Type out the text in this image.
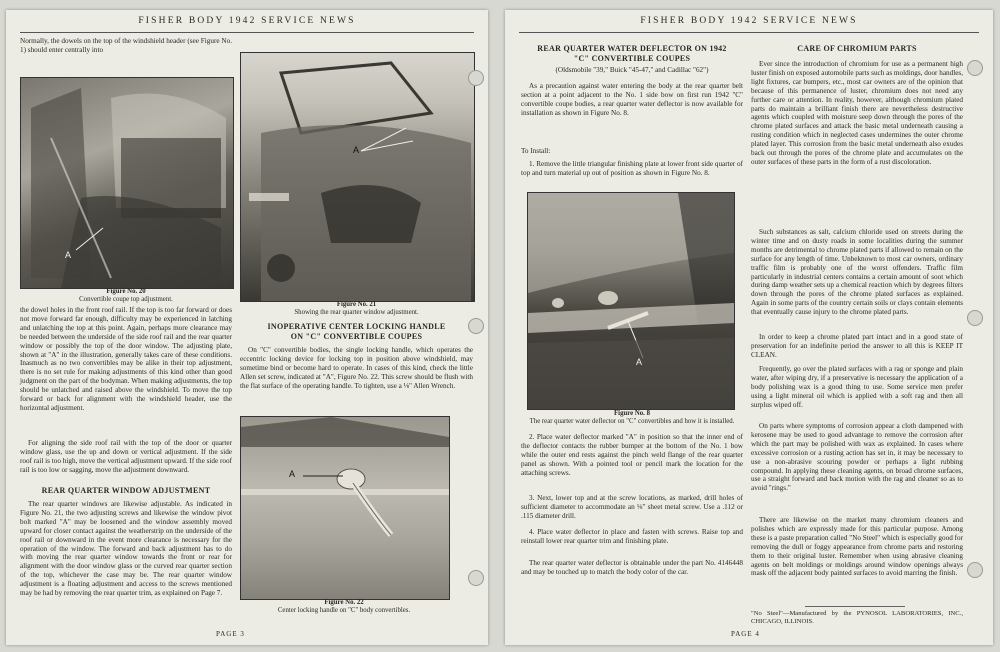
FISHER BODY 1942 SERVICE NEWS

Normally, the dowels on the top of the windshield header (see Figure No. 1) should enter centrally into

A

Figure No. 20
Convertible coupe top adjustment.

the dowel holes in the front roof rail. If the top is too far forward or does not move forward far enough, difficulty may be experienced in latching and unlatching the top at this point. Again, perhaps more clearance may be needed between the underside of the side roof rail and the rear quarter window or possibly the top of the door window. The adjusting plate, shown at "A" in the illustration, generally takes care of these conditions. Inasmuch as no two convertibles may be alike in their top adjustment, there is no set rule for making adjustments of this kind other than good judgment on the part of the bodyman. When making adjustments, the top should be unlatched and raised above the windshield. To move the top forward or back for alignment with the windshield header, use the horizontal adjustment.

For aligning the side roof rail with the top of the door or quarter window glass, use the up and down or vertical adjustment. If the side roof rail is too high, move the vertical adjustment upward. If the side roof rail is too low or sagging, move the adjustment downward.

REAR QUARTER WINDOW ADJUSTMENT

The rear quarter windows are likewise adjustable. As indicated in Figure No. 21, the two adjusting screws and likewise the window pivot bolt marked "A" may be loosened and the window assembly moved upward for closer contact against the weatherstrip on the underside of the roof rail or downward in the event more clearance is necessary for the operation of the window. The forward and back adjustment has to do with moving the rear quarter window towards the front or rear for alignment with the door window glass or the curved rear quarter section of the top, whichever the case may be. The rear quarter window adjustment is a floating adjustment and access to the screws mentioned may be had by removing the rear quarter trim, as explained on Page 7.

PAGE 3
A

Figure No. 21
Showing the rear quarter window adjustment.

INOPERATIVE CENTER LOCKING HANDLE
ON "C" CONVERTIBLE COUPES

On "C" convertible bodies, the single locking handle, which operates the eccentric locking device for locking top in position above windshield, may sometime bind or become hard to operate. In cases of this kind, check the little Allen set screw, indicated at "A", Figure No. 22. This screw should be flush with the flat surface of the operating handle. To tighten, use a ⅛" Allen Wrench.

A

Figure No. 22
Center locking handle on "C" body convertibles.

FISHER BODY 1942 SERVICE NEWS

REAR QUARTER WATER DEFLECTOR ON 1942
"C" CONVERTIBLE COUPES

(Oldsmobile "39," Buick "45-47," and Cadillac "62")

As a precaution against water entering the body at the rear quarter belt section at a point adjacent to the No. 1 side bow on first run 1942 "C" convertible coupe bodies, a rear quarter water deflector is now available for installation as shown in Figure No. 8.

To Install:

1. Remove the little triangular finishing plate at lower front side quarter of top and turn material up out of position as shown in Figure No. 8.

A

Figure No. 8
The rear quarter water deflector on "C" convertibles and how it is installed.

2. Place water deflector marked "A" in position so that the inner end of the deflector contacts the rubber bumper at the bottom of the No. 1 bow while the outer end rests against the pinch weld flange of the rear quarter panel as shown. With a pointed tool or pencil mark the location for the attaching screws.

3. Next, lower top and at the screw locations, as marked, drill holes of sufficient diameter to accommodate an ⅛" sheet metal screw. Use a .112 or .115 diameter drill.

4. Place water deflector in place and fasten with screws. Raise top and reinstall lower rear quarter trim and finishing plate.

The rear quarter water deflector is obtainable under the part No. 4146448 and may be touched up to match the body color of the car.

PAGE 4

CARE OF CHROMIUM PARTS

Ever since the introduction of chromium for use as a permanent high luster finish on exposed automobile parts such as moldings, door handles, light fixtures, car bumpers, etc., most car owners are of the opinion that because of this permanence of luster, chromium does not need any further care or attention. In reality, however, although chromium plated parts do maintain a brilliant finish there are nevertheless destructive agents which coupled with moisture seep down through the pores of the chrome plated surfaces and attack the basic metal underneath causing a rusting condition which in neglected cases undermines the outer chrome plated layer. This corrosion from the basic metal underneath also exudes back out through the pores of the chrome plate and accumulates on the outer surfaces of these parts in the form of a rust discoloration.

Such substances as salt, calcium chloride used on streets during the winter time and on dusty roads in some localities during the summer months are detrimental to chrome plated parts if allowed to remain on the surface for any length of time. Unbeknown to most car owners, ordinary traffic film is probably one of the worst offenders. Traffic film particularly in industrial centers contains a certain amount of soot which during damp weather sets up a chemical reaction which by degrees filters down through the pores of the chrome plated surfaces as explained. Again in some parts of the country certain soils or clays contain elements that eventually cause injury to the chrome plated parts.

In order to keep a chrome plated part intact and in a good state of preservation for an indefinite period the answer to all this is KEEP IT CLEAN.

Frequently, go over the plated surfaces with a rag or sponge and plain water, after wiping dry, if a preservative is necessary the application of a body polishing wax is a good thing to use. Some service men prefer using a light mineral oil which is applied with a soft rag and then all surplus wiped off.

On parts where symptoms of corrosion appear a cloth dampened with kerosene may be used to good advantage to remove the corrosion after which the part may be polished with wax as explained. In cases where excessive corrosion or a rusting action has set in, it may be necessary to use a non-abrasive scouring powder or perhaps a light rubbing compound. In applying these cleaning agents, on broad chrome surfaces, use a straight forward and back motion with the rag and cleaner so as to avoid "rings."

There are likewise on the market many chromium cleaners and polishes which are expressly made for this particular purpose. Among these is a paste preparation called "No Steel" which is especially good for removing the dull or foggy appearance from chrome parts and restoring them to their original luster. Remember when using abrasive cleaning agents on belt moldings or moldings around window openings always mask off the adjacent body painted surfaces to avoid marring the finish.

"No Steel"—Manufactured by the PYNOSOL LABORATORIES, INC., CHICAGO, ILLINOIS.
